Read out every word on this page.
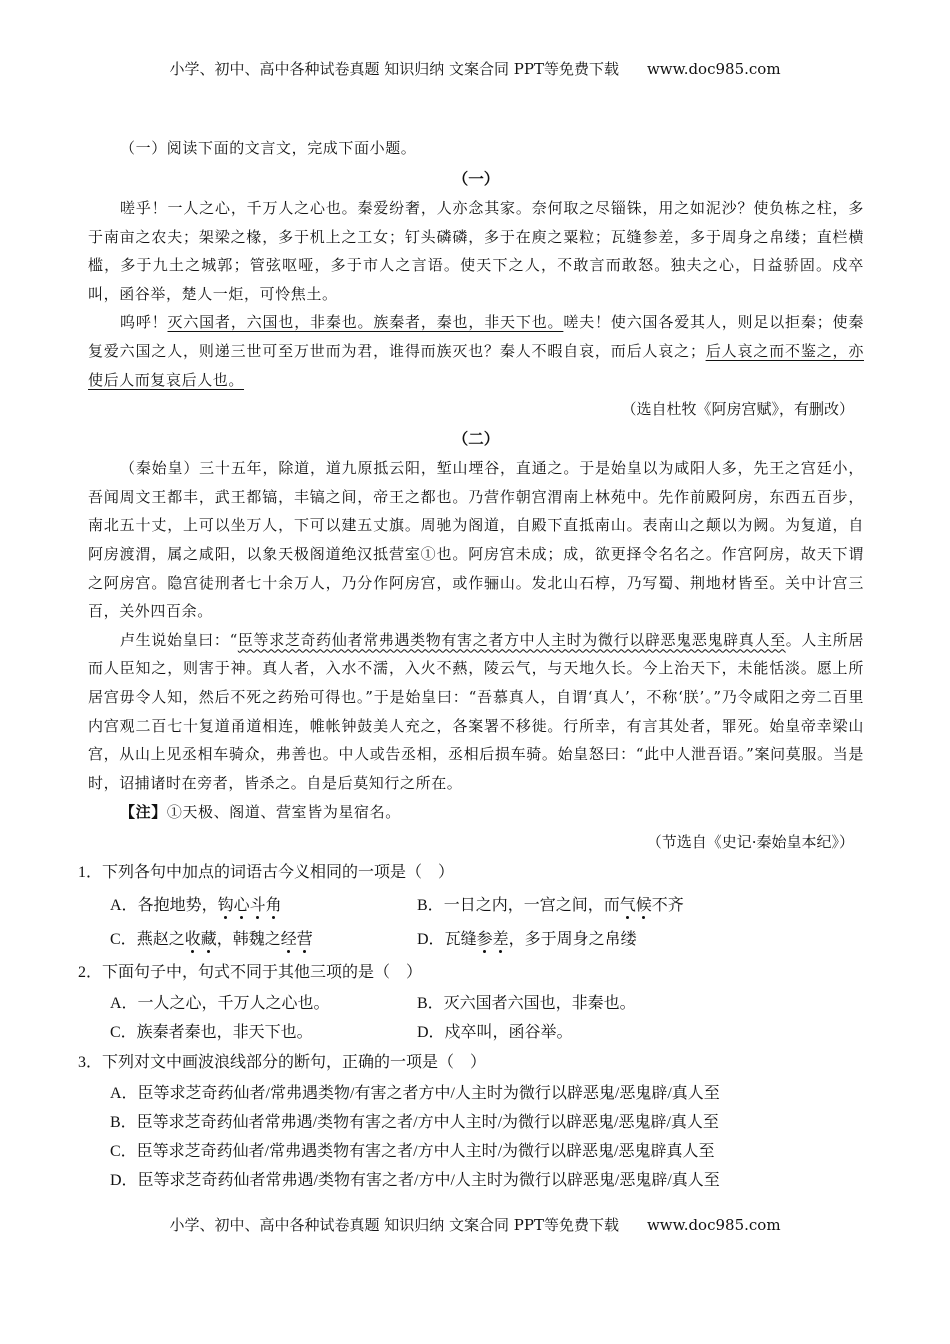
小学、初中、高中各种试卷真题 知识归纳 文案合同 PPT等免费下载 www.doc985.com

（一）阅读下面的文言文，完成下面小题。

（一）

嗟乎！一人之心，千万人之心也。秦爱纷奢，人亦念其家。奈何取之尽锱铢，用之如泥沙？使负栋之柱，多于南亩之农夫；架梁之椽，多于机上之工女；钉头磷磷，多于在庾之粟粒；瓦缝参差，多于周身之帛缕；直栏横槛，多于九土之城郭；管弦呕哑，多于市人之言语。使天下之人，不敢言而敢怒。独夫之心，日益骄固。戍卒叫，函谷举，楚人一炬，可怜焦土。

呜呼！灭六国者，六国也，非秦也。族秦者，秦也，非天下也。嗟夫！使六国各爱其人，则足以拒秦；使秦复爱六国之人，则递三世可至万世而为君，谁得而族灭也？秦人不暇自哀，而后人哀之；后人哀之而不鉴之，亦使后人而复哀后人也。

（选自杜牧《阿房宫赋》，有删改）

（二）

（秦始皇）三十五年，除道，道九原抵云阳，堑山堙谷，直通之。于是始皇以为咸阳人多，先王之宫廷小，吾闻周文王都丰，武王都镐，丰镐之间，帝王之都也。乃营作朝宫渭南上林苑中。先作前殿阿房，东西五百步，南北五十丈，上可以坐万人，下可以建五丈旗。周驰为阁道，自殿下直抵南山。表南山之颠以为阙。为复道，自阿房渡渭，属之咸阳，以象天极阁道绝汉抵营室①也。阿房宫未成；成，欲更择令名名之。作宫阿房，故天下谓之阿房宫。隐宫徒刑者七十余万人，乃分作阿房宫，或作骊山。发北山石椁，乃写蜀、荆地材皆至。关中计宫三百，关外四百余。

卢生说始皇曰：“臣等求芝奇药仙者常弗遇类物有害之者方中人主时为微行以辟恶鬼恶鬼辟真人至。人主所居而人臣知之，则害于神。真人者，入水不濡，入火不爇，陵云气，与天地久长。今上治天下，未能恬淡。愿上所居宫毋令人知，然后不死之药殆可得也。”于是始皇曰：“吾慕真人，自谓‘真人’，不称‘朕’。”乃令咸阳之旁二百里内宫观二百七十复道甬道相连，帷帐钟鼓美人充之，各案署不移徙。行所幸，有言其处者，罪死。始皇帝幸梁山宫，从山上见丞相车骑众，弗善也。中人或告丞相，丞相后损车骑。始皇怒曰：“此中人泄吾语。”案问莫服。当是时，诏捕诸时在旁者，皆杀之。自是后莫知行之所在。

【注】①天极、阁道、营室皆为星宿名。

（节选自《史记·秦始皇本纪》）

1．下列各句中加点的词语古今义相同的一项是（　）

A．各抱地势，钩心斗角	B．一日之内，一宫之间，而气候不齐
C．燕赵之收藏，韩魏之经营	D．瓦缝参差，多于周身之帛缕

2．下面句子中，句式不同于其他三项的是（　）

A．一人之心，千万人之心也。	B．灭六国者六国也，非秦也。
C．族秦者秦也，非天下也。	D．戍卒叫，函谷举。

3．下列对文中画波浪线部分的断句，正确的一项是（　）

A．臣等求芝奇药仙者/常弗遇类物/有害之者方中/人主时为微行以辟恶鬼/恶鬼辟/真人至
B．臣等求芝奇药仙者常弗遇/类物有害之者/方中人主时/为微行以辟恶鬼/恶鬼辟/真人至
C．臣等求芝奇药仙者/常弗遇类物有害之者/方中人主时/为微行以辟恶鬼/恶鬼辟真人至
D．臣等求芝奇药仙者常弗遇/类物有害之者/方中/人主时为微行以辟恶鬼/恶鬼辟/真人至
小学、初中、高中各种试卷真题 知识归纳 文案合同 PPT等免费下载 www.doc985.com
